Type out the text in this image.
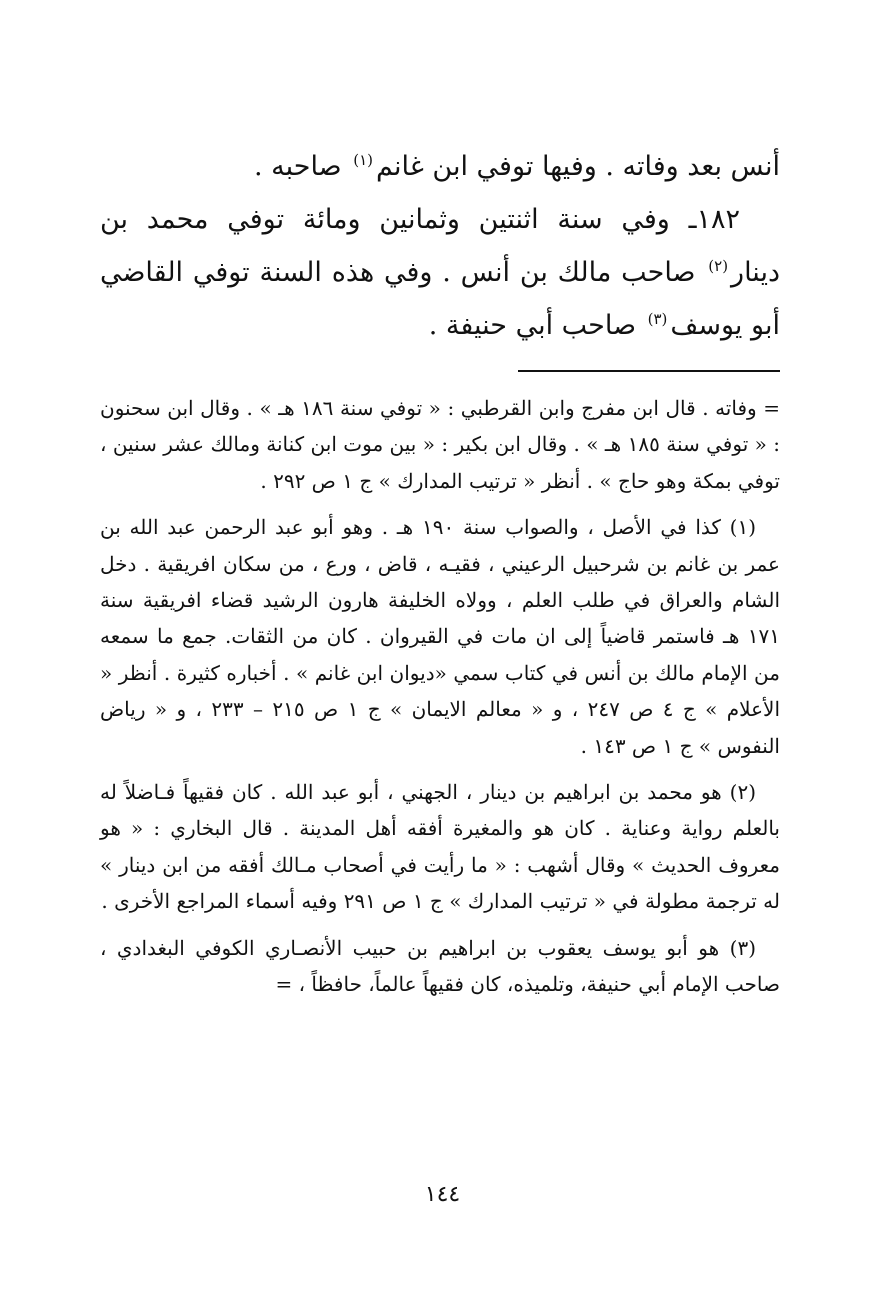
أنس بعد وفاته . وفيها توفي ابن غانم$^{(١)}$ صاحبه .

١٨٢ـ وفي سنة اثنتين وثمانين ومائة توفي محمد بن دينار$^{(٢)}$ صاحب مالك بن أنس . وفي هذه السنة توفي القاضي أبو يوسف$^{(٣)}$ صاحب أبي حنيفة .

= وفاته . قال ابن مفرج وابن القرطبي : « توفي سنة ١٨٦ هـ » . وقال ابن سحنون : « توفي سنة ١٨٥ هـ » . وقال ابن بكير : « بين موت ابن كنانة ومالك عشر سنين ، توفي بمكة وهو حاج » . أنظر « ترتيب المدارك » ج ١ ص ٢٩٢ .

(١) كذا في الأصل ، والصواب سنة ١٩٠ هـ . وهو أبو عبد الرحمن عبد الله بن عمر بن غانم بن شرحبيل الرعيني ، فقيـه ، قاض ، ورع ، من سكان افريقية . دخل الشام والعراق في طلب العلم ، وولاه الخليفة هارون الرشيد قضاء افريقية سنة ١٧١ هـ فاستمر قاضياً إلى ان مات في القيروان . كان من الثقات. جمع ما سمعه من الإمام مالك بن أنس في كتاب سمي «ديوان ابن غانم » . أخباره كثيرة . أنظر « الأعلام » ج ٤ ص ٢٤٧ ، و « معالم الايمان » ج ١ ص ٢١٥ – ٢٣٣ ، و « رياض النفوس » ج ١ ص ١٤٣ .

(٢) هو محمد بن ابراهيم بن دينار ، الجهني ، أبو عبد الله . كان فقيهاً فـاضلاً له بالعلم رواية وعناية . كان هو والمغيرة أفقه أهل المدينة . قال البخاري : « هو معروف الحديث » وقال أشهب : « ما رأيت في أصحاب مـالك أفقه من ابن دينار » له ترجمة مطولة في « ترتيب المدارك » ج ١ ص ٢٩١ وفيه أسماء المراجع الأخرى .

(٣) هو أبو يوسف يعقوب بن ابراهيم بن حبيب الأنصـاري الكوفي البغدادي ، صاحب الإمام أبي حنيفة، وتلميذه، كان فقيهاً عالماً، حافظاً ، =

١٤٤
